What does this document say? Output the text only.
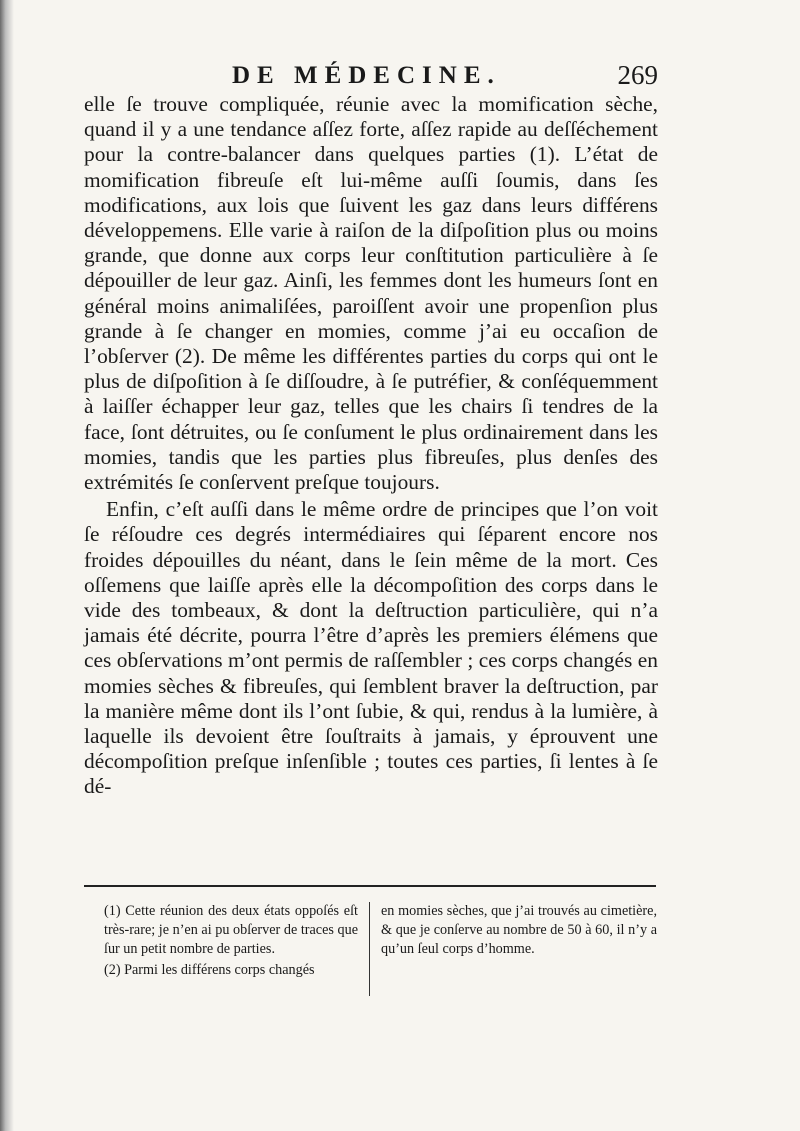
DE MÉDECINE.	269

elle ſe trouve compliquée, réunie avec la momification sèche, quand il y a une tendance aſſez forte, aſſez rapide au deſſéchement pour la contre-balancer dans quelques parties (1). L’état de momification fibreuſe eſt lui-même auſſi ſoumis, dans ſes modifications, aux lois que ſuivent les gaz dans leurs différens développemens. Elle varie à raiſon de la diſpoſition plus ou moins grande, que donne aux corps leur conſtitution particulière à ſe dépouiller de leur gaz. Ainſi, les femmes dont les humeurs ſont en général moins animaliſées, paroiſſent avoir une propenſion plus grande à ſe changer en momies, comme j’ai eu occaſion de l’obſerver (2). De même les différentes parties du corps qui ont le plus de diſpoſition à ſe diſſoudre, à ſe putréfier, & conſéquemment à laiſſer échapper leur gaz, telles que les chairs ſi tendres de la face, ſont détruites, ou ſe conſument le plus ordinairement dans les momies, tandis que les parties plus fibreuſes, plus denſes des extrémités ſe conſervent preſque toujours.

Enfin, c’eſt auſſi dans le même ordre de principes que l’on voit ſe réſoudre ces degrés intermédiaires qui ſéparent encore nos froides dépouilles du néant, dans le ſein même de la mort. Ces oſſemens que laiſſe après elle la décompoſition des corps dans le vide des tombeaux, & dont la deſtruction particulière, qui n’a jamais été décrite, pourra l’être d’après les premiers élémens que ces obſervations m’ont permis de raſſembler ; ces corps changés en momies sèches & fibreuſes, qui ſemblent braver la deſtruction, par la manière même dont ils l’ont ſubie, & qui, rendus à la lumière, à laquelle ils devoient être ſouſtraits à jamais, y éprouvent une décompoſition preſque inſenſible ; toutes ces parties, ſi lentes à ſe dé-

(1) Cette réunion des deux états oppoſés eſt très-rare; je n’en ai pu obſerver de traces que ſur un petit nombre de parties.

(2) Parmi les différens corps changés

en momies sèches, que j’ai trouvés au cimetière, & que je conſerve au nombre de 50 à 60, il n’y a qu’un ſeul corps d’homme.
